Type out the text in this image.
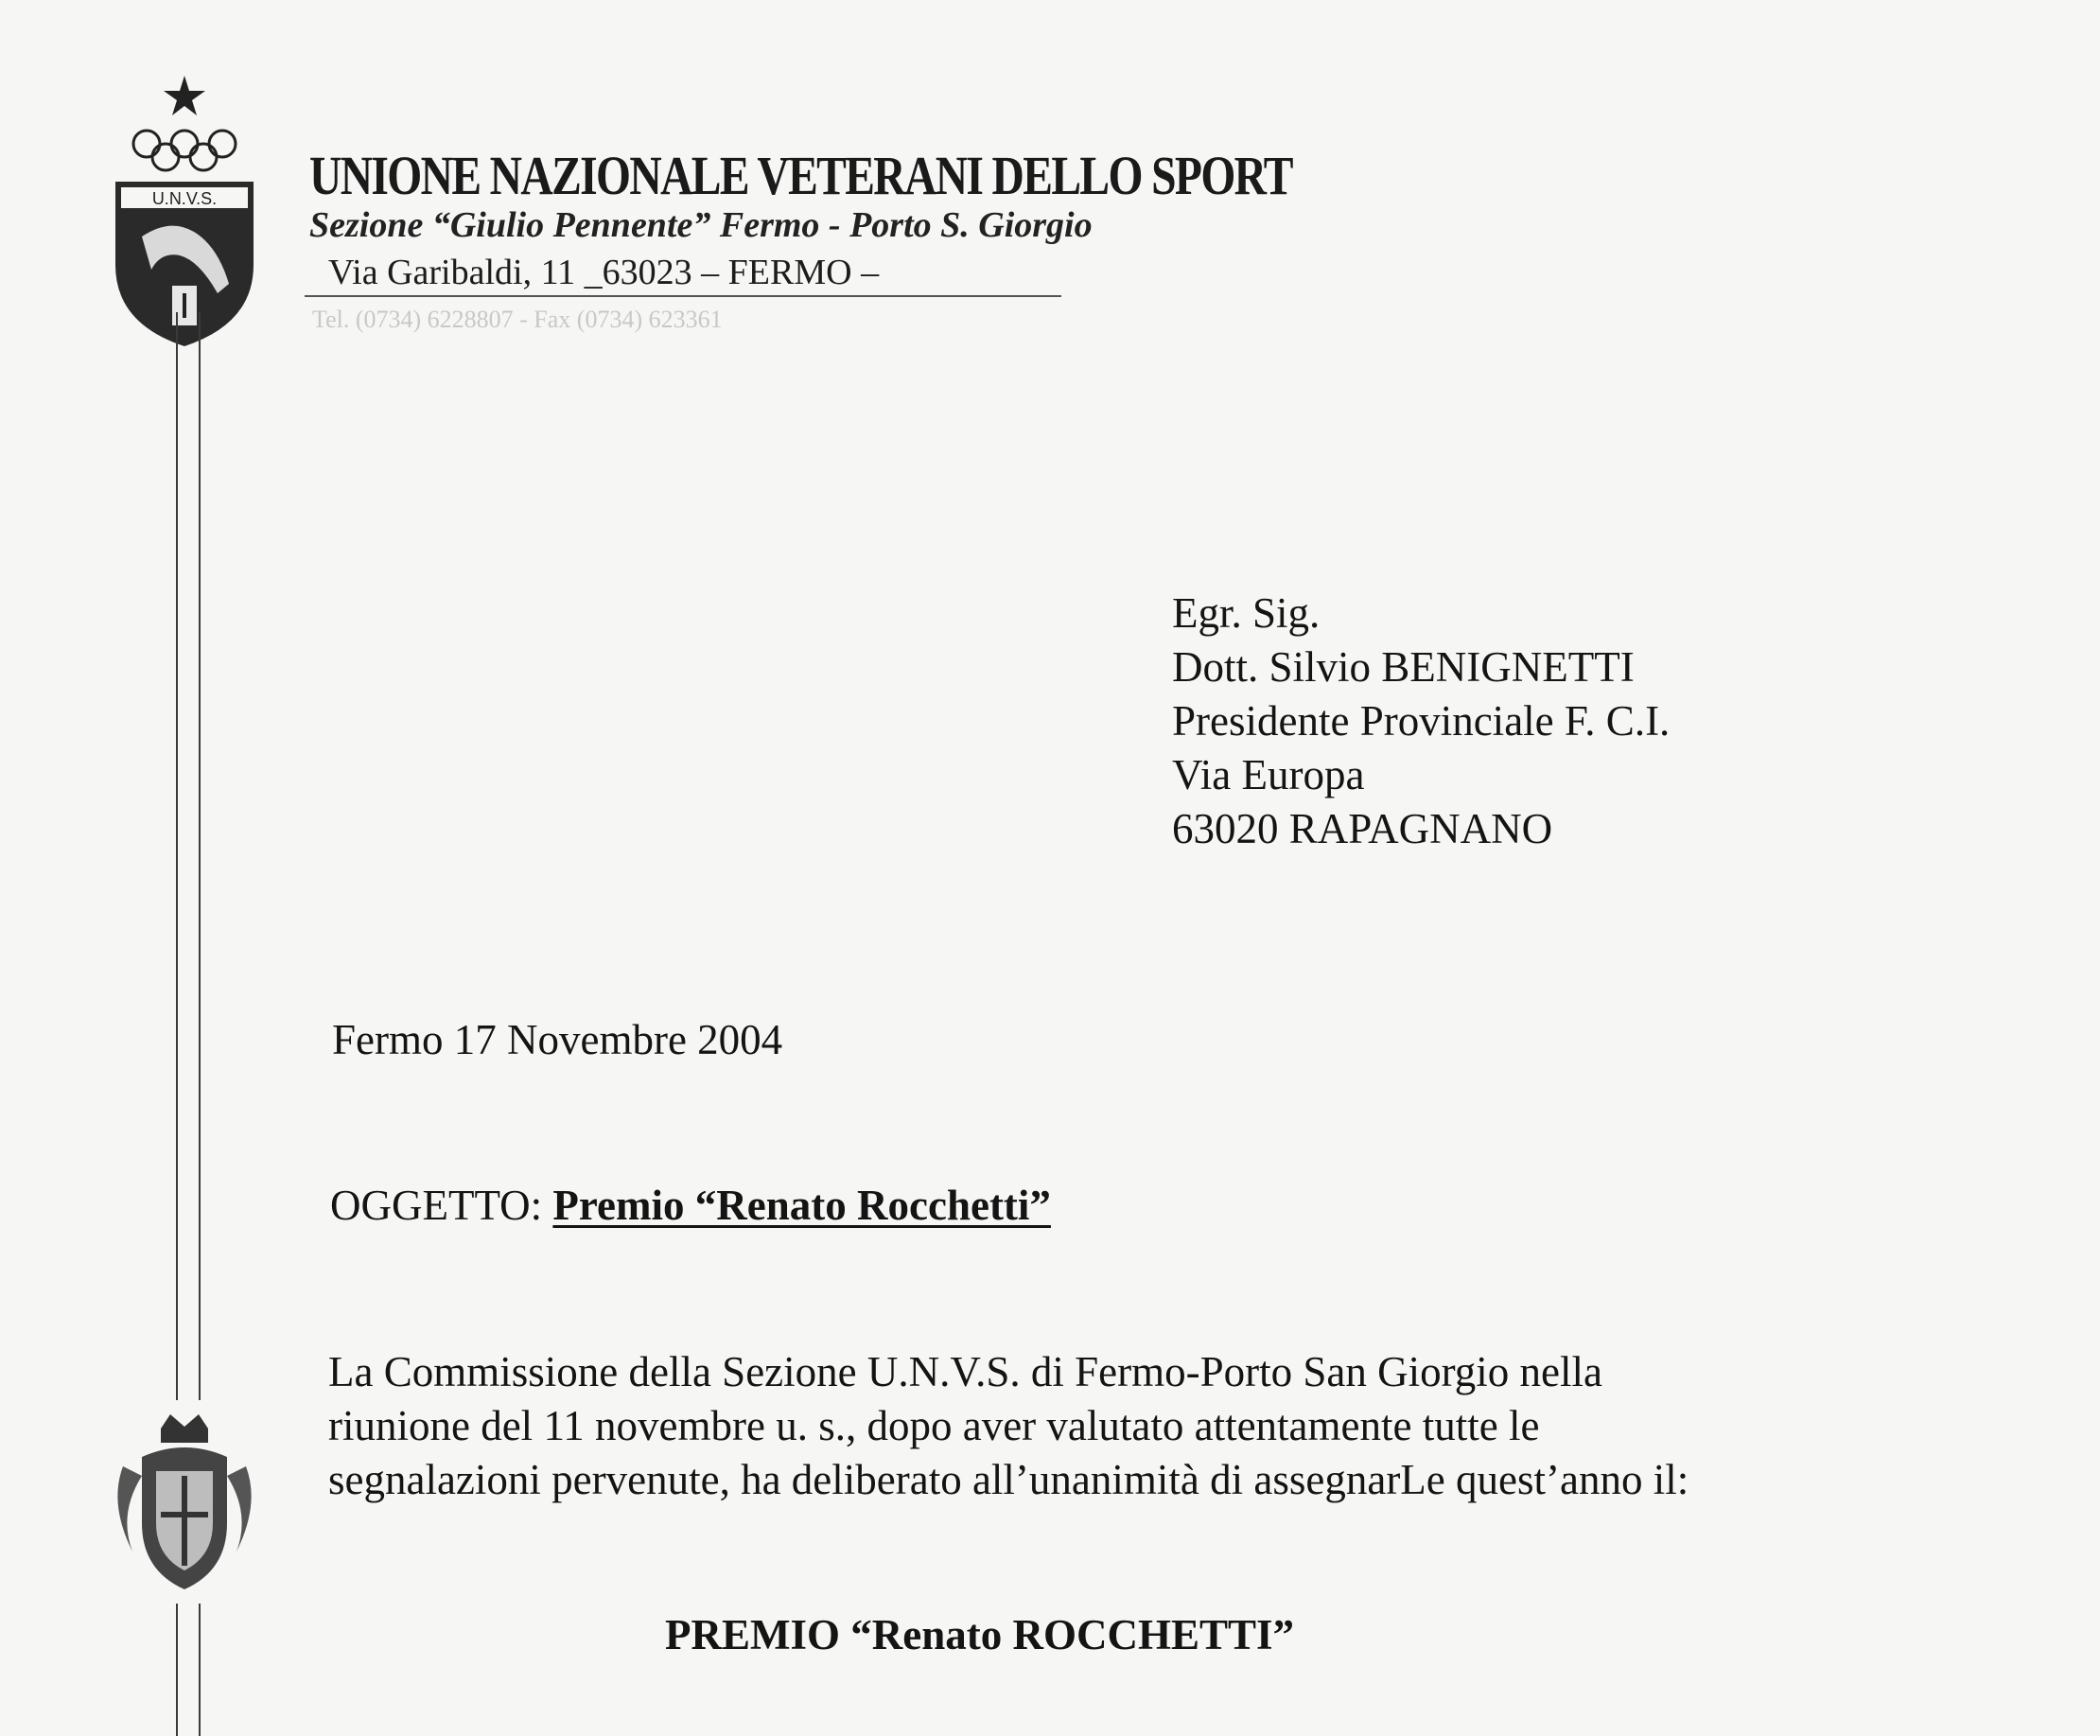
U.N.V.S. UNIONE NAZIONALE VETERANI DELLO SPORT
Sezione “Giulio Pennente” Fermo - Porto S. Giorgio
Via Garibaldi, 11 _63023 – FERMO –
Tel. (0734) 6228807 - Fax (0734) 623361
Egr. Sig.
Dott. Silvio BENIGNETTI
Presidente Provinciale F. C.I.
Via Europa
63020 RAPAGNANO
Fermo 17 Novembre 2004
OGGETTO: Premio “Renato Rocchetti”
La Commissione della Sezione U.N.V.S. di Fermo-Porto San Giorgio nella
riunione del 11 novembre u. s., dopo aver valutato attentamente tutte le
segnalazioni pervenute, ha deliberato all’unanimità di assegnarLe quest’anno il:
PREMIO “Renato ROCCHETTI”
